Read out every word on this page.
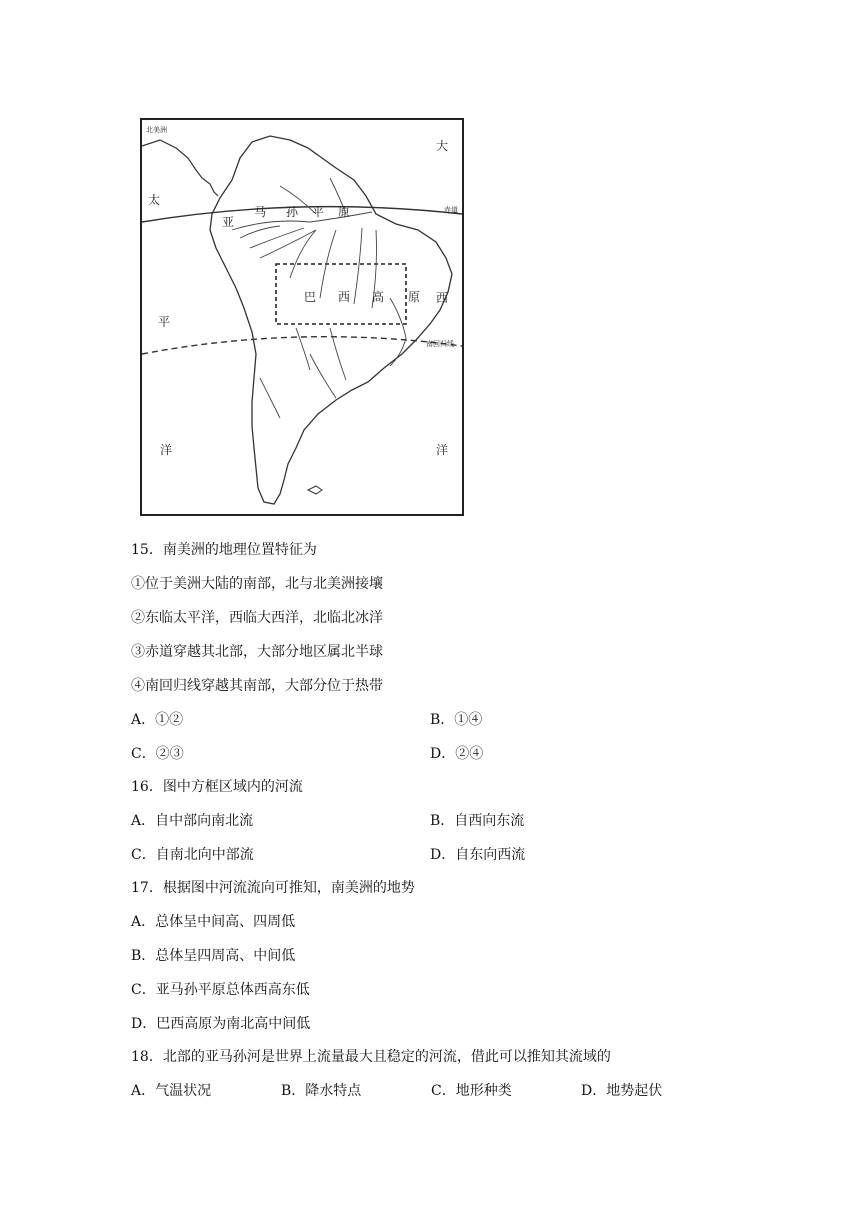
北美洲
赤道
南回归线
太
平
洋
大
西
洋
亚
马 孙 平 原
巴 西 高 原
15．南美洲的地理位置特征为
①位于美洲大陆的南部，北与北美洲接壤
②东临太平洋，西临大西洋，北临北冰洋
③赤道穿越其北部，大部分地区属北半球
④南回归线穿越其南部，大部分位于热带
A．①②	B．①④
C．②③	D．②④
16．图中方框区域内的河流
A．自中部向南北流	B．自西向东流
C．自南北向中部流	D．自东向西流
17．根据图中河流流向可推知，南美洲的地势
A．总体呈中间高、四周低
B．总体呈四周高、中间低
C．亚马孙平原总体西高东低
D．巴西高原为南北高中间低
18．北部的亚马孙河是世界上流量最大且稳定的河流，借此可以推知其流域的
A．气温状况	B．降水特点	C．地形种类	D．地势起伏
